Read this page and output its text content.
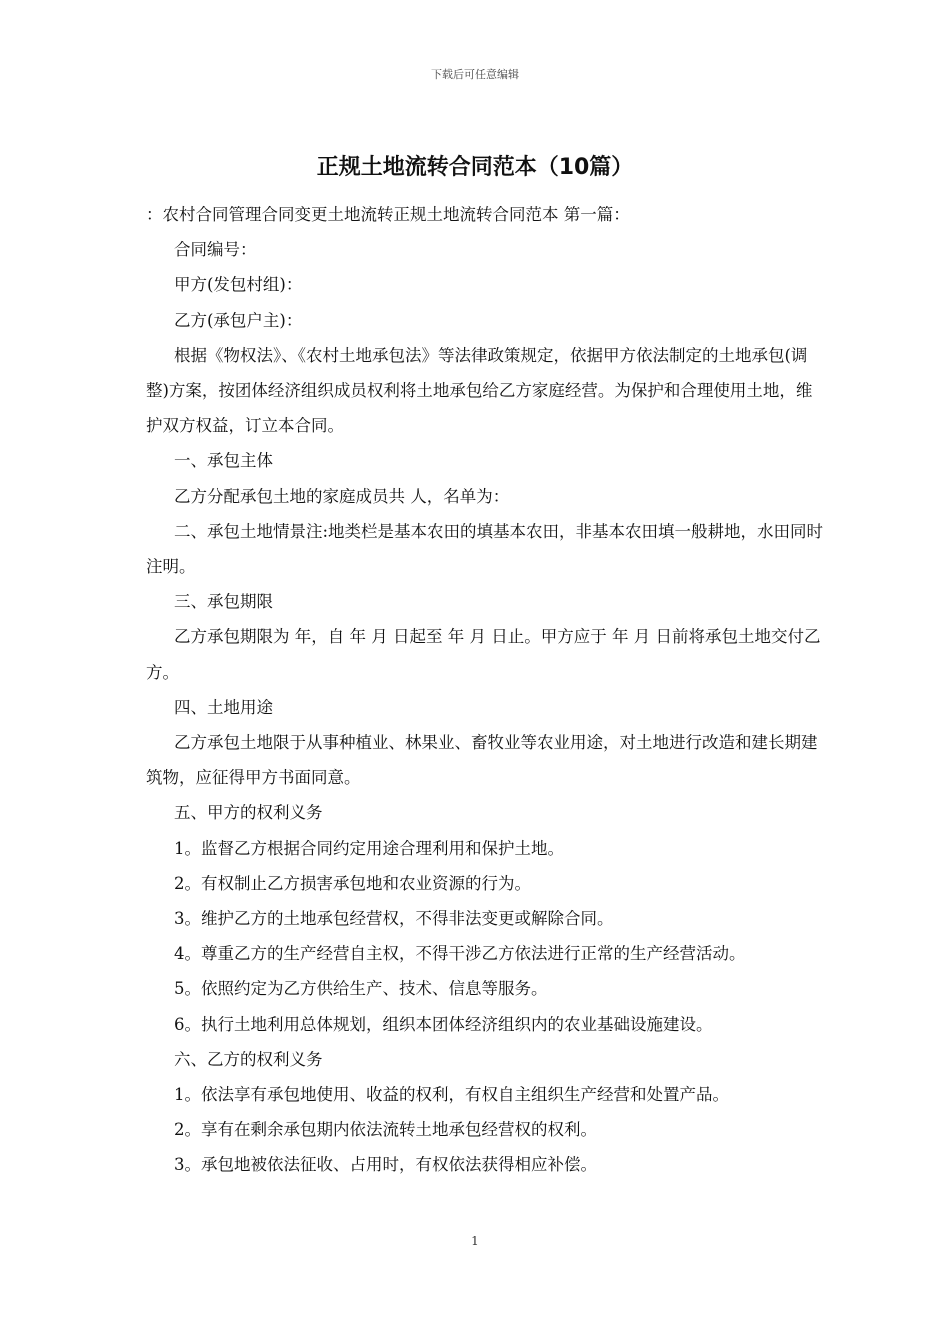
下载后可任意编辑
正规土地流转合同范本（10篇）

：农村合同管理合同变更土地流转正规土地流转合同范本 第一篇：

合同编号：

甲方(发包村组)：

乙方(承包户主)：

根据《物权法》、《农村土地承包法》等法律政策规定，依据甲方依法制定的土地承包(调整)方案，按团体经济组织成员权利将土地承包给乙方家庭经营。为保护和合理使用土地，维护双方权益，订立本合同。

一、承包主体

乙方分配承包土地的家庭成员共 人，名单为：

二、承包土地情景注:地类栏是基本农田的填基本农田，非基本农田填一般耕地，水田同时注明。

三、承包期限

乙方承包期限为 年，自 年 月 日起至 年 月 日止。甲方应于 年 月 日前将承包土地交付乙方。

四、土地用途

乙方承包土地限于从事种植业、林果业、畜牧业等农业用途，对土地进行改造和建长期建筑物，应征得甲方书面同意。

五、甲方的权利义务

1。监督乙方根据合同约定用途合理利用和保护土地。

2。有权制止乙方损害承包地和农业资源的行为。

3。维护乙方的土地承包经营权，不得非法变更或解除合同。

4。尊重乙方的生产经营自主权，不得干涉乙方依法进行正常的生产经营活动。

5。依照约定为乙方供给生产、技术、信息等服务。

6。执行土地利用总体规划，组织本团体经济组织内的农业基础设施建设。

六、乙方的权利义务

1。依法享有承包地使用、收益的权利，有权自主组织生产经营和处置产品。

2。享有在剩余承包期内依法流转土地承包经营权的权利。

3。承包地被依法征收、占用时，有权依法获得相应补偿。

1
